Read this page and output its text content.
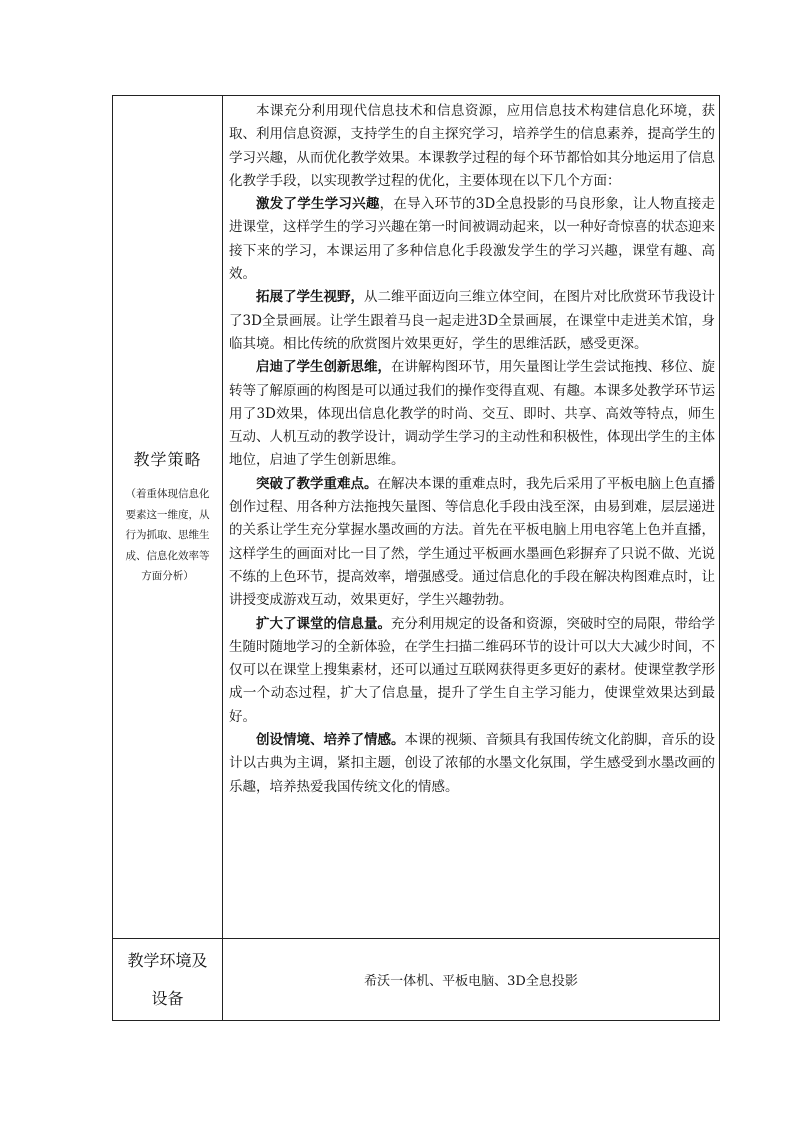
教学策略
（着重体现信息化要素这一维度，从行为抓取、思维生成、信息化效率等方面分析）

本课充分利用现代信息技术和信息资源，应用信息技术构建信息化环境，获取、利用信息资源，支持学生的自主探究学习，培养学生的信息素养，提高学生的学习兴趣，从而优化教学效果。本课教学过程的每个环节都恰如其分地运用了信息化教学手段，以实现教学过程的优化，主要体现在以下几个方面：

激发了学生学习兴趣，在导入环节的3D全息投影的马良形象，让人物直接走进课堂，这样学生的学习兴趣在第一时间被调动起来，以一种好奇惊喜的状态迎来接下来的学习，本课运用了多种信息化手段激发学生的学习兴趣，课堂有趣、高效。

拓展了学生视野，从二维平面迈向三维立体空间，在图片对比欣赏环节我设计了3D全景画展。让学生跟着马良一起走进3D全景画展，在课堂中走进美术馆，身临其境。相比传统的欣赏图片效果更好，学生的思维活跃，感受更深。

启迪了学生创新思维，在讲解构图环节，用矢量图让学生尝试拖拽、移位、旋转等了解原画的构图是可以通过我们的操作变得直观、有趣。本课多处教学环节运用了3D效果，体现出信息化教学的时尚、交互、即时、共享、高效等特点，师生互动、人机互动的教学设计，调动学生学习的主动性和积极性，体现出学生的主体地位，启迪了学生创新思维。

突破了教学重难点。在解决本课的重难点时，我先后采用了平板电脑上色直播创作过程、用各种方法拖拽矢量图、等信息化手段由浅至深，由易到难，层层递进的关系让学生充分掌握水墨改画的方法。首先在平板电脑上用电容笔上色并直播，这样学生的画面对比一目了然，学生通过平板画水墨画色彩摒弃了只说不做、光说不练的上色环节，提高效率，增强感受。通过信息化的手段在解决构图难点时，让讲授变成游戏互动，效果更好，学生兴趣勃勃。

扩大了课堂的信息量。充分利用规定的设备和资源，突破时空的局限，带给学生随时随地学习的全新体验，在学生扫描二维码环节的设计可以大大减少时间，不仅可以在课堂上搜集素材，还可以通过互联网获得更多更好的素材。使课堂教学形成一个动态过程，扩大了信息量，提升了学生自主学习能力，使课堂效果达到最好。

创设情境、培养了情感。本课的视频、音频具有我国传统文化韵脚，音乐的设计以古典为主调，紧扣主题，创设了浓郁的水墨文化氛围，学生感受到水墨改画的乐趣，培养热爱我国传统文化的情感。

教学环境及
设备
希沃一体机、平板电脑、3D全息投影
